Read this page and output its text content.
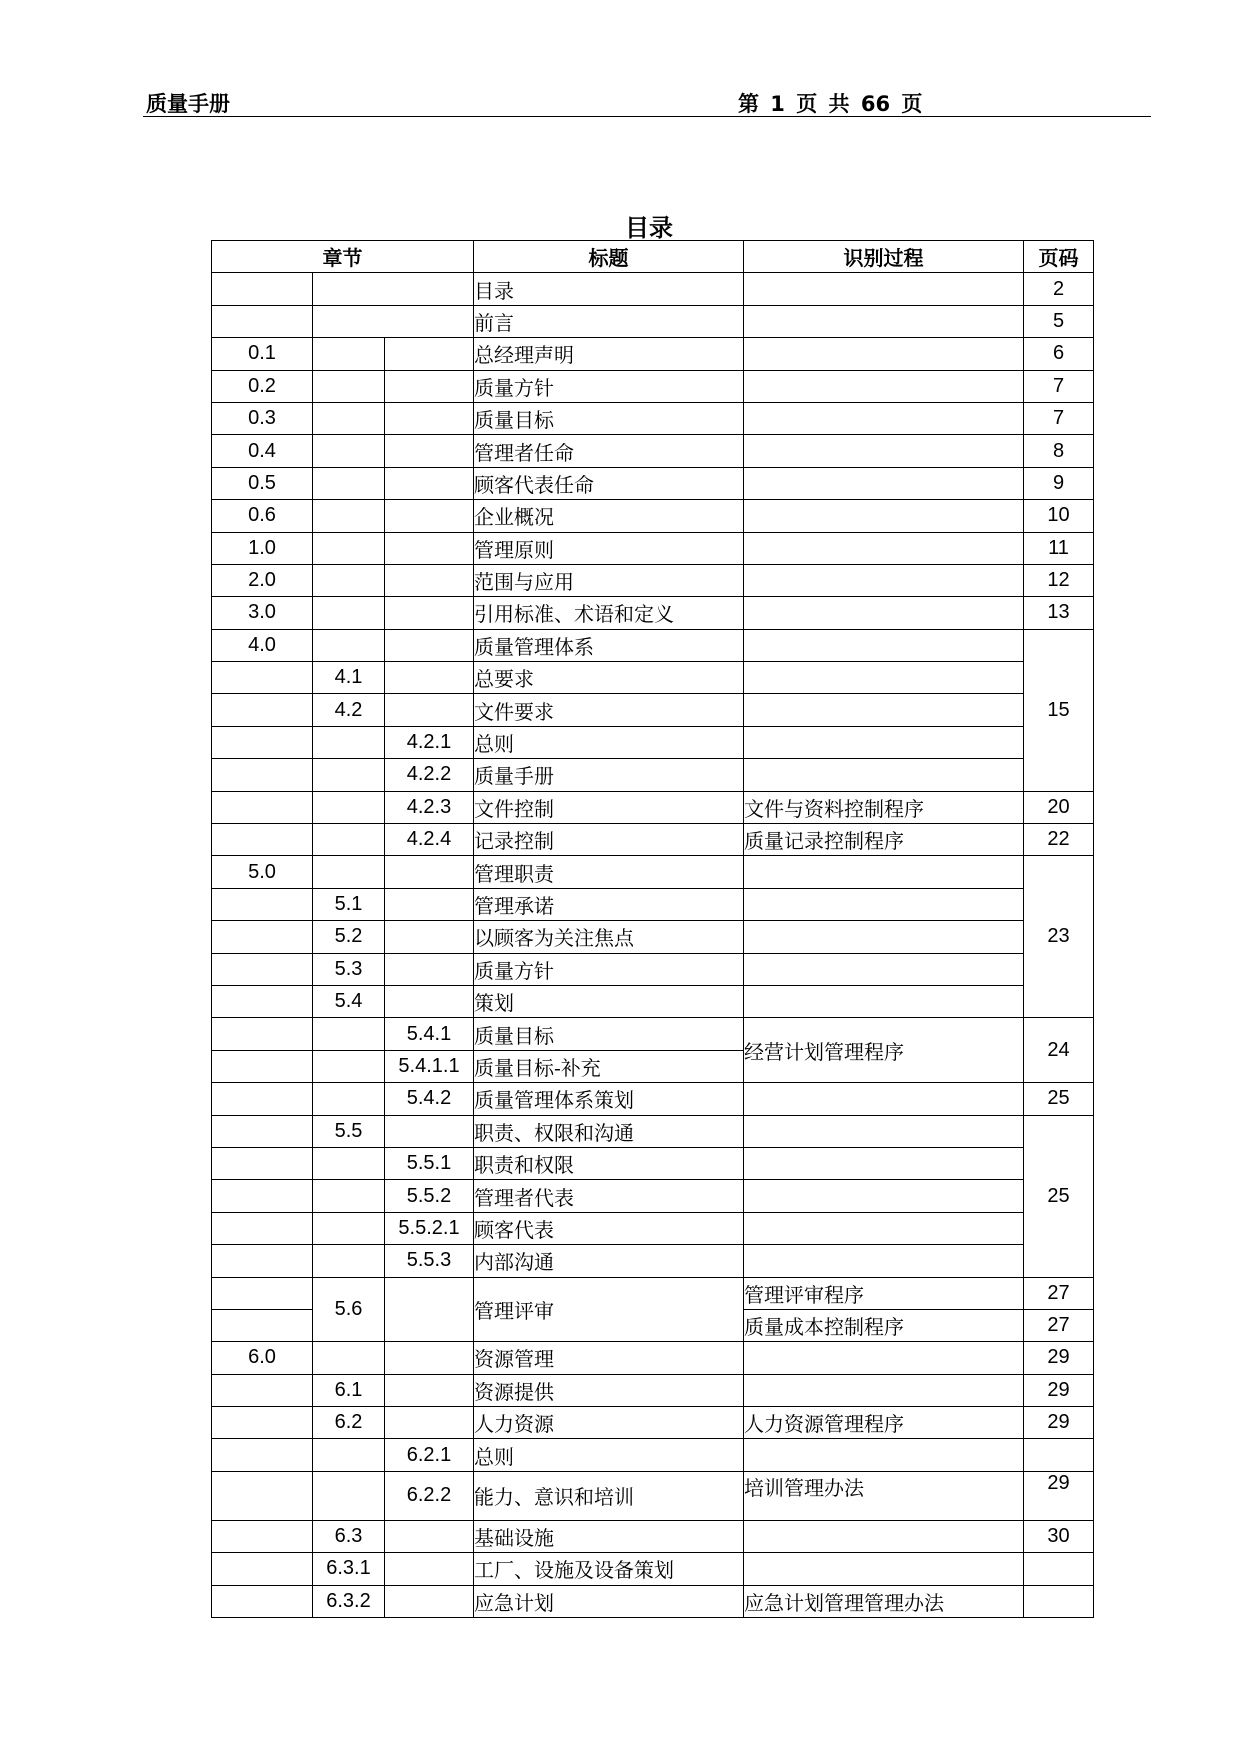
质量手册	第 1 页 共 66 页
目录
章节			标题	识别过程	页码
			目录		2
			前言		5
0.1			总经理声明		6
0.2			质量方针		7
0.3			质量目标		7
0.4			管理者任命		8
0.5			顾客代表任命		9
0.6			企业概况		10
1.0			管理原则		11
2.0			范围与应用		12
3.0			引用标准、术语和定义		13
4.0			质量管理体系		15
	4.1		总要求		
	4.2		文件要求		
		4.2.1	总则		
		4.2.2	质量手册		
		4.2.3	文件控制	文件与资料控制程序	20
		4.2.4	记录控制	质量记录控制程序	22
5.0			管理职责		23
	5.1		管理承诺		
	5.2		以顾客为关注焦点		
	5.3		质量方针		
	5.4		策划		
		5.4.1	质量目标	经营计划管理程序	24
		5.4.1.1	质量目标-补充		
		5.4.2	质量管理体系策划		25
	5.5		职责、权限和沟通		25
		5.5.1	职责和权限		
		5.5.2	管理者代表		
		5.5.2.1	顾客代表		
		5.5.3	内部沟通		
	5.6		管理评审	管理评审程序	27
				质量成本控制程序	27
6.0			资源管理		29
	6.1		资源提供		29
	6.2		人力资源	人力资源管理程序	29
		6.2.1	总则		
		6.2.2	能力、意识和培训	培训管理办法	29
	6.3		基础设施		30
	6.3.1		工厂、设施及设备策划		
	6.3.2		应急计划	应急计划管理管理办法	
